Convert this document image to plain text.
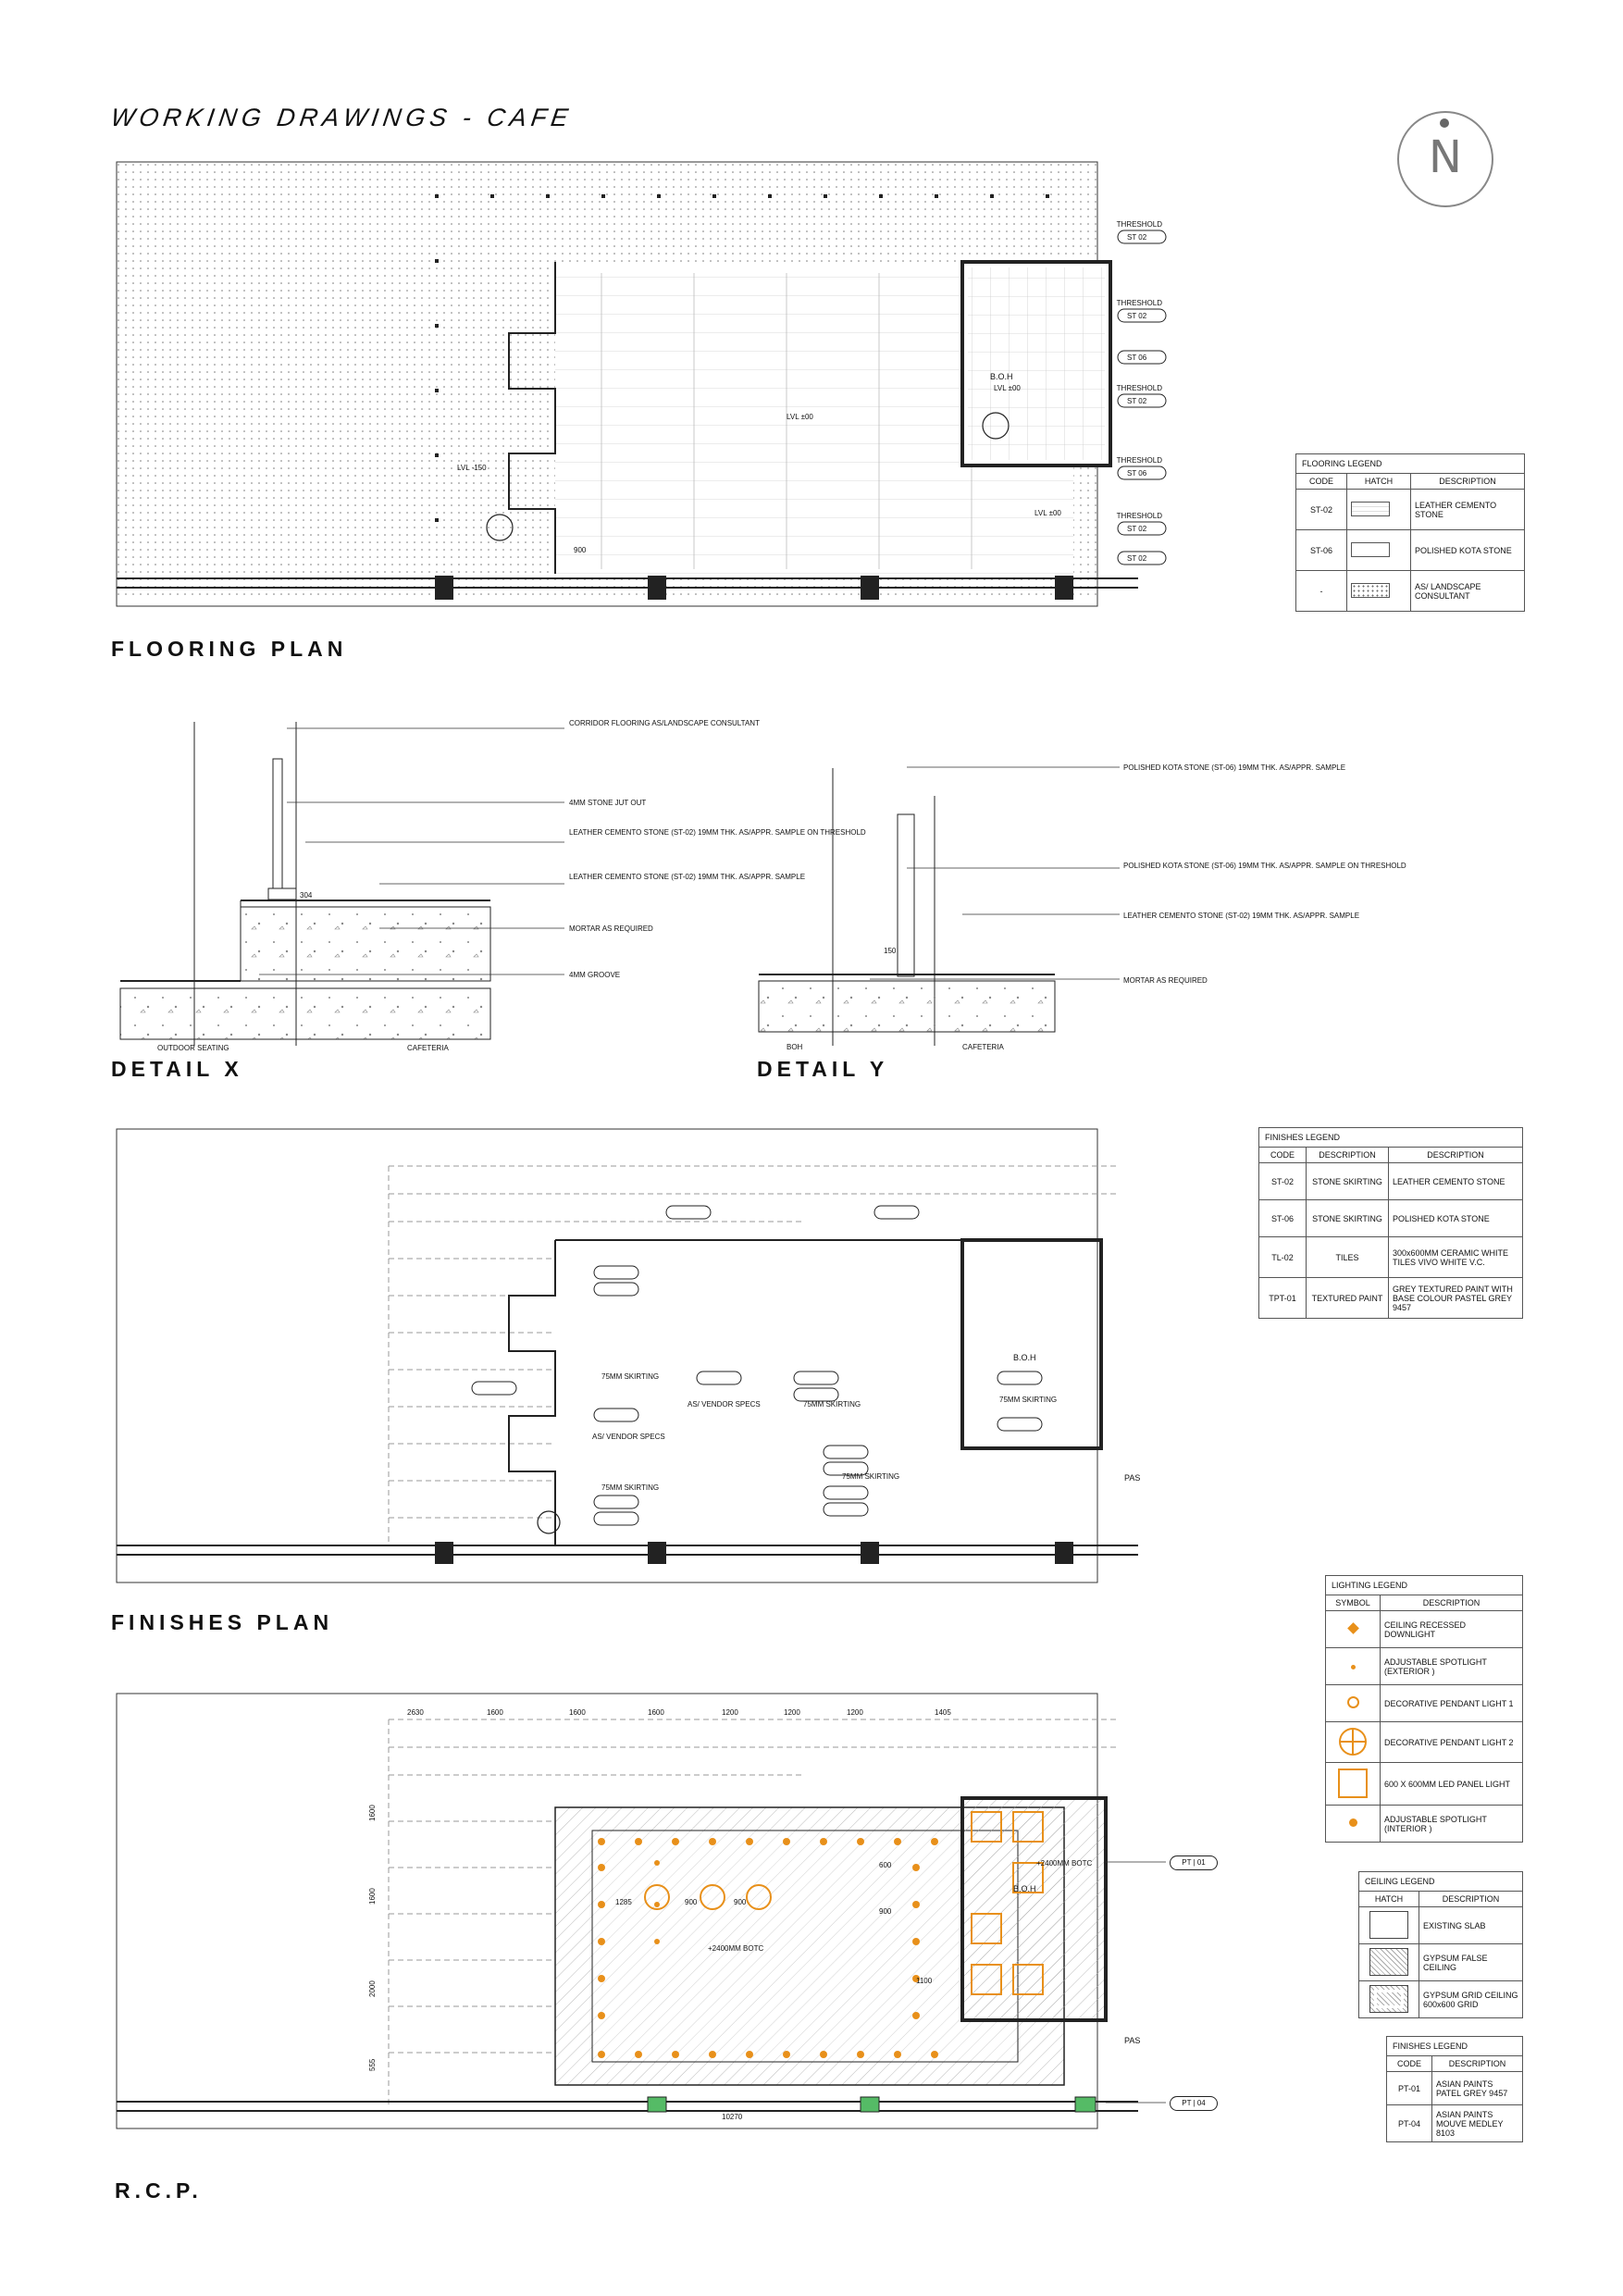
WORKING DRAWINGS - CAFE
N
B.O.H
LVL ±00
LVL ±00
LVL -150
LVL ±00
900
THRESHOLD
ST 02
THRESHOLD
ST 02
ST 06
THRESHOLD
ST 02
THRESHOLD
ST 06
THRESHOLD
ST 02
ST 02
FLOORING PLAN
FLOORING LEGEND		
CODE	HATCH	DESCRIPTION
ST-02		LEATHER CEMENTO STONE
ST-06		POLISHED KOTA STONE
-		AS/ LANDSCAPE CONSULTANT
CORRIDOR FLOORING AS/LANDSCAPE CONSULTANT
4MM STONE JUT OUT
LEATHER CEMENTO STONE (ST-02) 19MM THK. AS/APPR. SAMPLE ON THRESHOLD
LEATHER CEMENTO STONE (ST-02) 19MM THK. AS/APPR. SAMPLE
MORTAR AS REQUIRED
4MM GROOVE
304
OUTDOOR SEATING	CAFETERIA
DETAIL X
POLISHED KOTA STONE (ST-06) 19MM THK. AS/APPR. SAMPLE
POLISHED KOTA STONE (ST-06) 19MM THK. AS/APPR. SAMPLE ON THRESHOLD
LEATHER CEMENTO STONE (ST-02) 19MM THK. AS/APPR. SAMPLE
MORTAR AS REQUIRED
150
BOH	CAFETERIA
DETAIL Y
B.O.H
75MM SKIRTING
75MM SKIRTING
75MM SKIRTING
75MM SKIRTING
75MM SKIRTING
AS/ VENDOR SPECS
AS/ VENDOR SPECS
PAS
FINISHES PLAN
FINISHES LEGEND		
CODE	DESCRIPTION	DESCRIPTION
ST-02	STONE SKIRTING	LEATHER CEMENTO STONE
ST-06	STONE SKIRTING	POLISHED KOTA STONE
TL-02	TILES	300x600MM CERAMIC WHITE TILES VIVO WHITE V.C.
TPT-01	TEXTURED PAINT	GREY TEXTURED PAINT WITH BASE COLOUR PASTEL GREY 9457
2630	1600	1600	1600	1200	1200	1200	1405
1600
1600
2000
555
10270
1285	900	900
600
900
1100
B.O.H
+2400MM BOTC
+2400MM BOTC
PAS
R.C.P.
PT | 01
PT | 04
LIGHTING LEGEND	
SYMBOL	DESCRIPTION
	CEILING RECESSED DOWNLIGHT
	ADJUSTABLE SPOTLIGHT (EXTERIOR )
	DECORATIVE PENDANT LIGHT 1
	DECORATIVE PENDANT LIGHT 2
	600 X 600MM LED PANEL LIGHT
	ADJUSTABLE SPOTLIGHT (INTERIOR )
CEILING LEGEND	
HATCH	DESCRIPTION
	EXISTING SLAB
	GYPSUM FALSE CEILING
	GYPSUM GRID CEILING 600x600 GRID
FINISHES LEGEND	
CODE	DESCRIPTION
PT-01	ASIAN PAINTS PATEL GREY 9457
PT-04	ASIAN PAINTS MOUVE MEDLEY 8103
